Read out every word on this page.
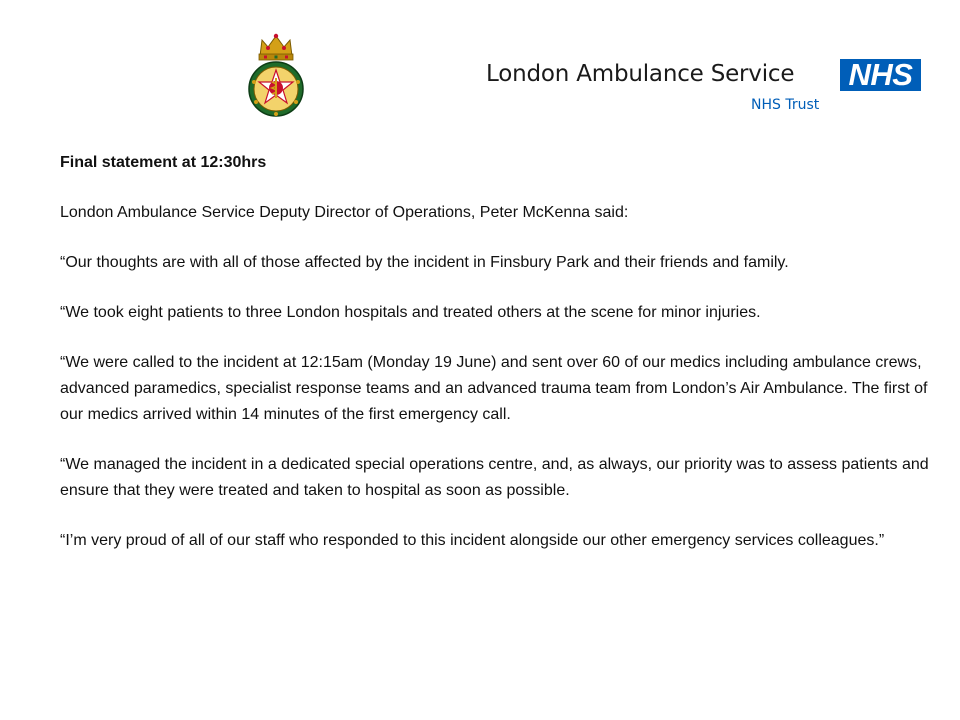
London Ambulance Service
NHS Trust
NHS

Final statement at 12:30hrs

London Ambulance Service Deputy Director of Operations, Peter McKenna said:

“Our thoughts are with all of those affected by the incident in Finsbury Park and their friends and family.

“We took eight patients to three London hospitals and treated others at the scene for minor injuries.

“We were called to the incident at 12:15am (Monday 19 June) and sent over 60 of our medics including ambulance crews, advanced paramedics, specialist response teams and an advanced trauma team from London’s Air Ambulance. The first of our medics arrived within 14 minutes of the first emergency call.

“We managed the incident in a dedicated special operations centre, and, as always, our priority was to assess patients and ensure that they were treated and taken to hospital as soon as possible.

“I’m very proud of all of our staff who responded to this incident alongside our other emergency services colleagues.”
